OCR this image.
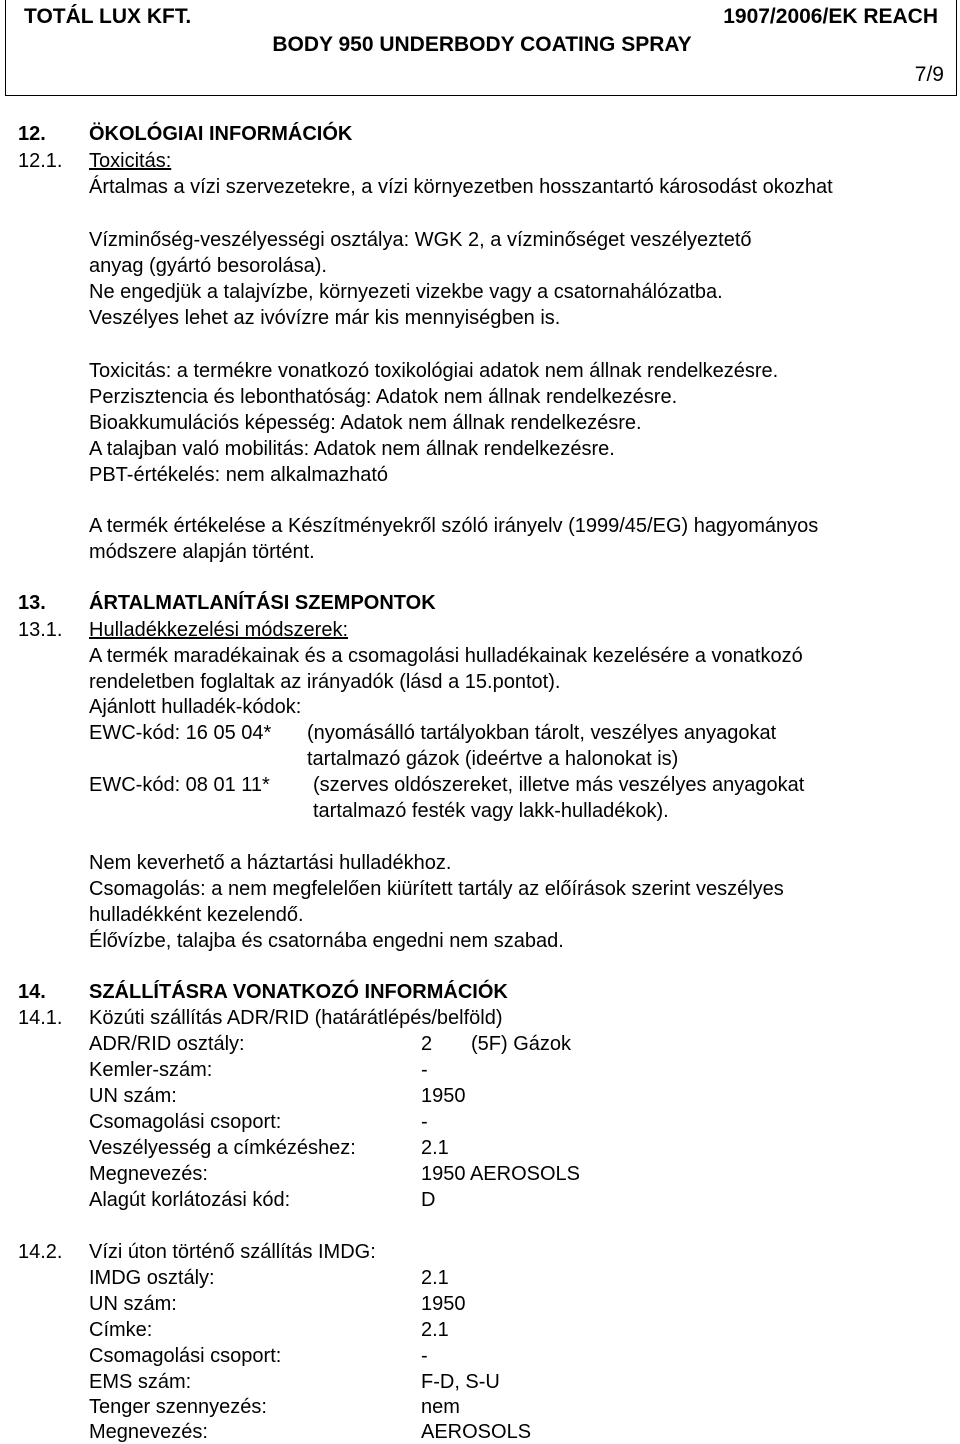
TOTÁL LUX KFT.	1907/2006/EK REACH
BODY 950 UNDERBODY COATING SPRAY
7/9
12. ÖKOLÓGIAI INFORMÁCIÓK
12.1. Toxicitás:
Ártalmas a vízi szervezetekre, a vízi környezetben hosszantartó károsodást okozhat
Vízminőség-veszélyességi osztálya: WGK 2, a vízminőséget veszélyeztető
anyag (gyártó besorolása).
Ne engedjük a talajvízbe, környezeti vizekbe vagy a csatornahálózatba.
Veszélyes lehet az ivóvízre már kis mennyiségben is.
Toxicitás: a termékre vonatkozó toxikológiai adatok nem állnak rendelkezésre.
Perzisztencia és lebonthatóság: Adatok nem állnak rendelkezésre.
Bioakkumulációs képesség: Adatok nem állnak rendelkezésre.
A talajban való mobilitás: Adatok nem állnak rendelkezésre.
PBT-értékelés: nem alkalmazható
A termék értékelése a Készítményekről szóló irányelv (1999/45/EG) hagyományos
módszere alapján történt.
13. ÁRTALMATLANÍTÁSI SZEMPONTOK
13.1. Hulladékkezelési módszerek:
A termék maradékainak és a csomagolási hulladékainak kezelésére a vonatkozó
rendeletben foglaltak az irányadók (lásd a 15.pontot).
Ajánlott hulladék-kódok:
EWC-kód: 16 05 04* (nyomásálló tartályokban tárolt, veszélyes anyagokat
tartalmazó gázok (ideértve a halonokat is)
EWC-kód: 08 01 11* (szerves oldószereket, illetve más veszélyes anyagokat
tartalmazó festék vagy lakk-hulladékok).
Nem keverhető a háztartási hulladékhoz.
Csomagolás: a nem megfelelően kiürített tartály az előírások szerint veszélyes
hulladékként kezelendő.
Élővízbe, talajba és csatornába engedni nem szabad.
14. SZÁLLÍTÁSRA VONATKOZÓ INFORMÁCIÓK
14.1. Közúti szállítás ADR/RID (határátlépés/belföld)
ADR/RID osztály:	2 (5F) Gázok
Kemler-szám:	-
UN szám:	1950
Csomagolási csoport:	-
Veszélyesség a címkézéshez:	2.1
Megnevezés:	1950 AEROSOLS
Alagút korlátozási kód:	D
14.2. Vízi úton történő szállítás IMDG:
IMDG osztály:	2.1
UN szám:	1950
Címke:	2.1
Csomagolási csoport:	-
EMS szám:	F-D, S-U
Tenger szennyezés:	nem
Megnevezés:	AEROSOLS
